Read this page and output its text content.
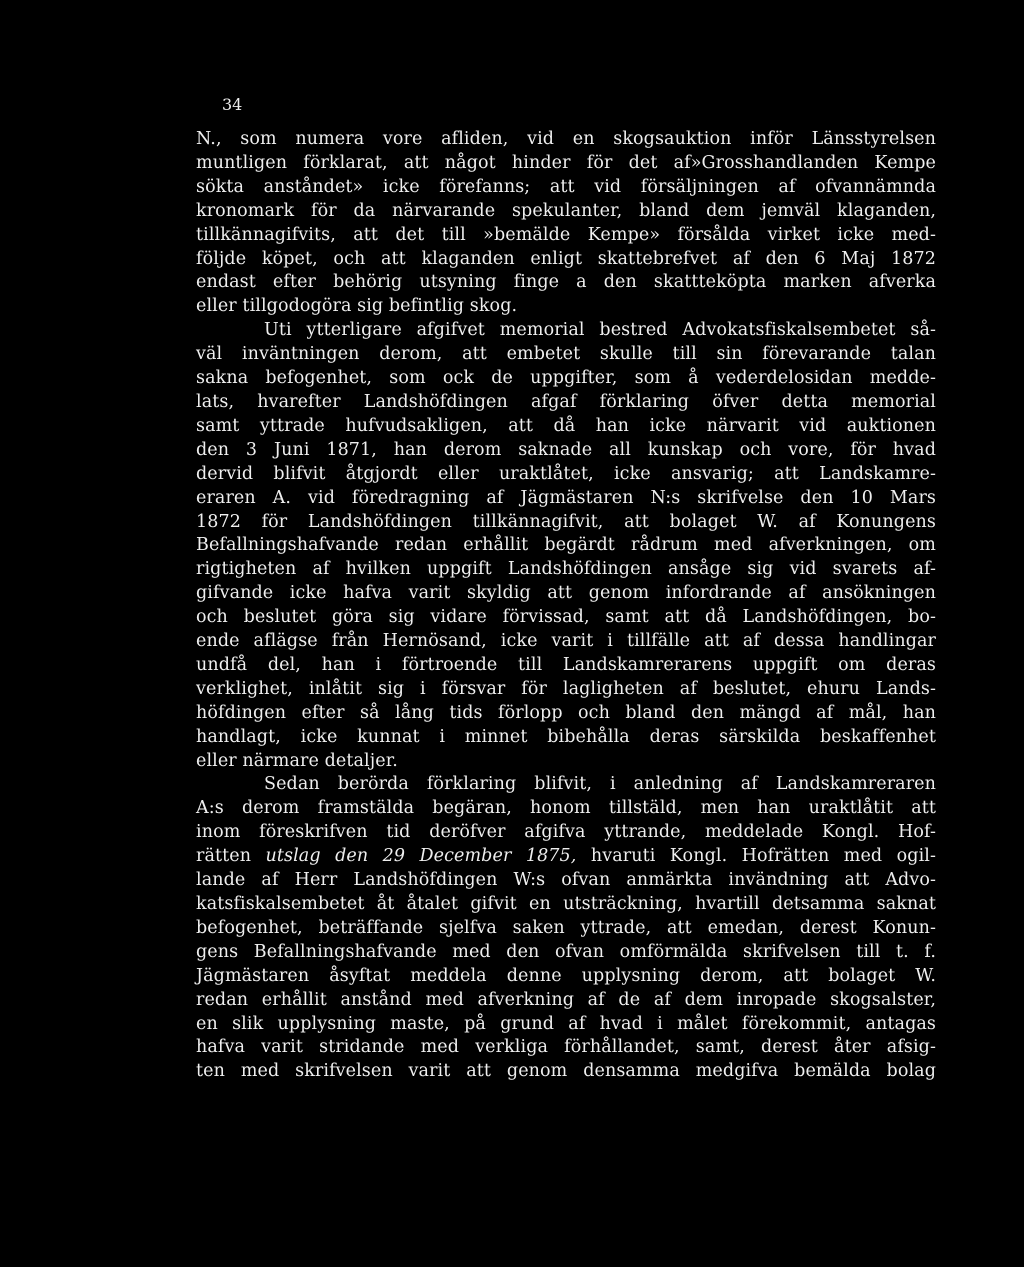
34
N., som numera vore afliden, vid en skogsauktion inför Länsstyrelsen
muntligen förklarat, att något hinder för det af»Grosshandlanden Kempe
sökta anståndet» icke förefanns; att vid försäljningen af ofvannämnda
kronomark för da närvarande spekulanter, bland dem jemväl klaganden,
tillkännagifvits, att det till »bemälde Kempe» försålda virket icke med-
följde köpet, och att klaganden enligt skattebrefvet af den 6 Maj 1872
endast efter behörig utsyning finge a den skattteköpta marken afverka
eller tillgodogöra sig befintlig skog.
Uti ytterligare afgifvet memorial bestred Advokatsfiskalsembetet så-
väl inväntningen derom, att embetet skulle till sin förevarande talan
sakna befogenhet, som ock de uppgifter, som å vederdelosidan medde-
lats, hvarefter Landshöfdingen afgaf förklaring öfver detta memorial
samt yttrade hufvudsakligen, att då han icke närvarit vid auktionen
den 3 Juni 1871, han derom saknade all kunskap och vore, för hvad
dervid blifvit åtgjordt eller uraktlåtet, icke ansvarig; att Landskamre-
eraren A. vid föredragning af Jägmästaren N:s skrifvelse den 10 Mars
1872 för Landshöfdingen tillkännagifvit, att bolaget W. af Konungens
Befallningshafvande redan erhållit begärdt rådrum med afverkningen, om
rigtigheten af hvilken uppgift Landshöfdingen ansåge sig vid svarets af-
gifvande icke hafva varit skyldig att genom infordrande af ansökningen
och beslutet göra sig vidare förvissad, samt att då Landshöfdingen, bo-
ende aflägse från Hernösand, icke varit i tillfälle att af dessa handlingar
undfå del, han i förtroende till Landskamrerarens uppgift om deras
verklighet, inlåtit sig i försvar för lagligheten af beslutet, ehuru Lands-
höfdingen efter så lång tids förlopp och bland den mängd af mål, han
handlagt, icke kunnat i minnet bibehålla deras särskilda beskaffenhet
eller närmare detaljer.
Sedan berörda förklaring blifvit, i anledning af Landskamreraren
A:s derom framstälda begäran, honom tillstäld, men han uraktlåtit att
inom föreskrifven tid deröfver afgifva yttrande, meddelade Kongl. Hof-
rätten utslag den 29 December 1875, hvaruti Kongl. Hofrätten med ogil-
lande af Herr Landshöfdingen W:s ofvan anmärkta invändning att Advo-
katsfiskalsembetet åt åtalet gifvit en utsträckning, hvartill detsamma saknat
befogenhet, beträffande sjelfva saken yttrade, att emedan, derest Konun-
gens Befallningshafvande med den ofvan omförmälda skrifvelsen till t. f.
Jägmästaren åsyftat meddela denne upplysning derom, att bolaget W.
redan erhållit anstånd med afverkning af de af dem inropade skogsalster,
en slik upplysning maste, på grund af hvad i målet förekommit, antagas
hafva varit stridande med verkliga förhållandet, samt, derest åter afsig-
ten med skrifvelsen varit att genom densamma medgifva bemälda bolag
